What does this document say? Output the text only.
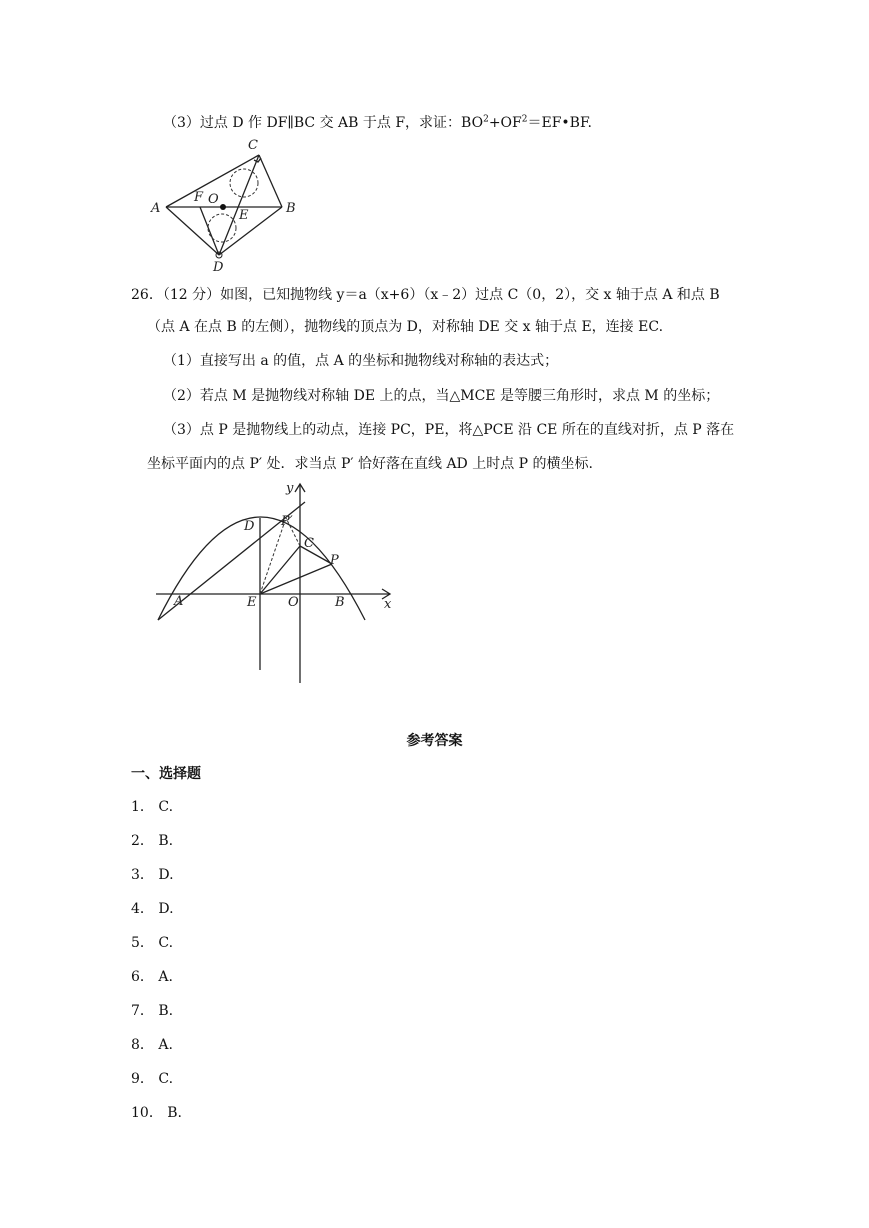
（3）过点 D 作 DF∥BC 交 AB 于点 F，求证：$BO^2+OF^2=EF•BF$.
A	B
C
D
E
F O
26．（12 分）如图，已知抛物线 y＝a（x+6）（x﹣2）过点 C（0，2），交 x 轴于点 A 和点 B
（点 A 在点 B 的左侧），抛物线的顶点为 D，对称轴 DE 交 x 轴于点 E，连接 EC.
（1）直接写出 a 的值，点 A 的坐标和抛物线对称轴的表达式；
（2）若点 M 是抛物线对称轴 DE 上的点，当△MCE 是等腰三角形时，求点 M 的坐标；
（3）点 P 是抛物线上的动点，连接 PC，PE，将△PCE 沿 CE 所在的直线对折，点 P 落在
坐标平面内的点 P′ 处．求当点 P′ 恰好落在直线 AD 上时点 P 的横坐标.
y
x
A	B
C
D
E O
P
P′
参考答案
一、选择题
1． C.
2． B.
3． D.
4． D.
5． C.
6． A.
7． B.
8． A.
9． C.
10． B.
